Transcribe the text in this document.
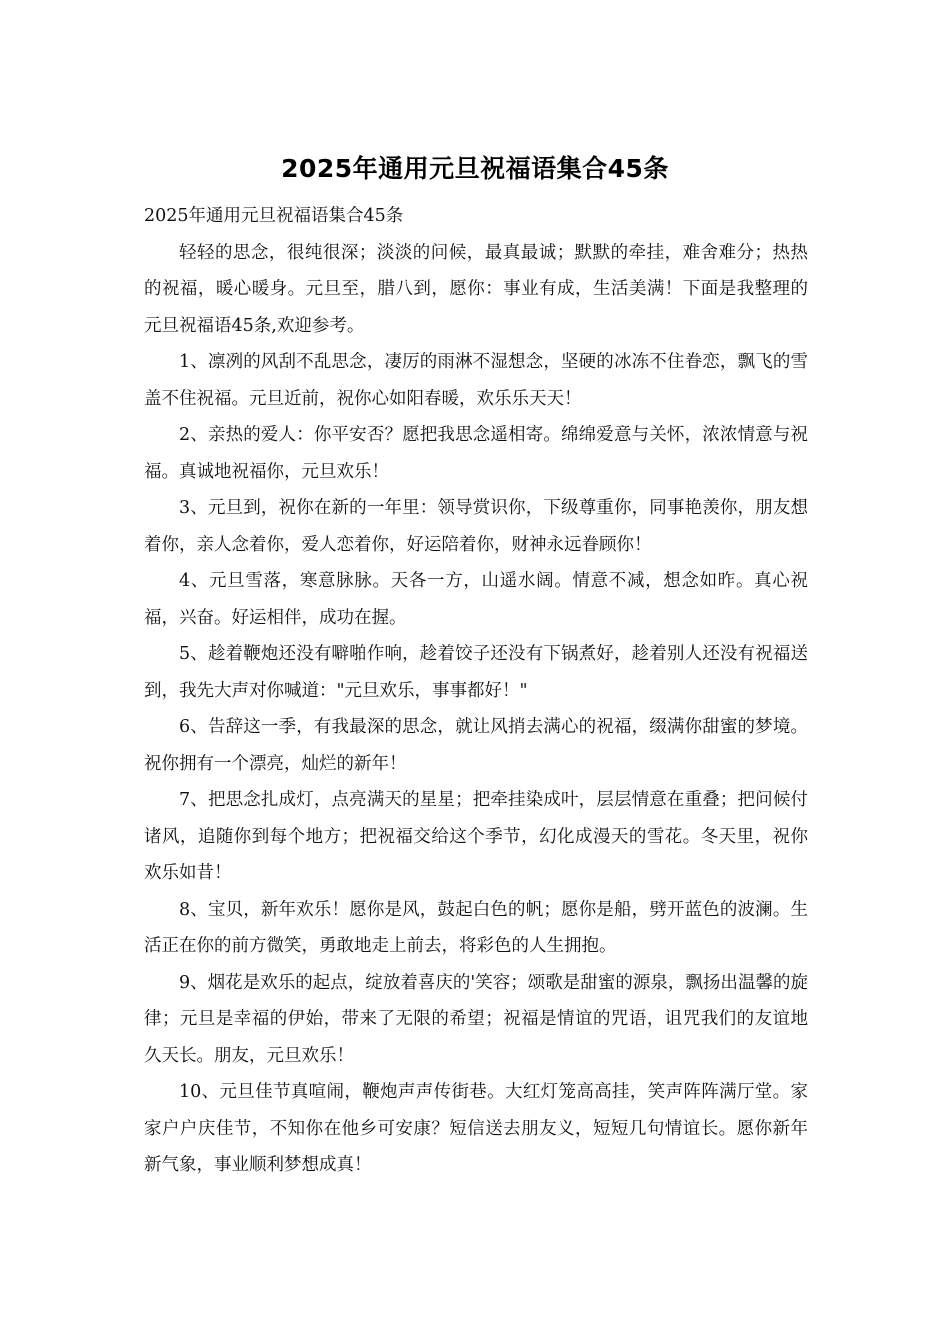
2025年通用元旦祝福语集合45条

2025年通用元旦祝福语集合45条

轻轻的思念，很纯很深；淡淡的问候，最真最诚；默默的牵挂，难舍难分；热热的祝福，暖心暖身。元旦至，腊八到，愿你：事业有成，生活美满！下面是我整理的元旦祝福语45条,欢迎参考。

1、凛冽的风刮不乱思念，凄厉的雨淋不湿想念，坚硬的冰冻不住眷恋，飘飞的雪盖不住祝福。元旦近前，祝你心如阳春暖，欢乐乐天天！

2、亲热的爱人：你平安否？愿把我思念遥相寄。绵绵爱意与关怀，浓浓情意与祝福。真诚地祝福你，元旦欢乐！

3、元旦到，祝你在新的一年里：领导赏识你，下级尊重你，同事艳羡你，朋友想着你，亲人念着你，爱人恋着你，好运陪着你，财神永远眷顾你！

4、元旦雪落，寒意脉脉。天各一方，山遥水阔。情意不减，想念如昨。真心祝福，兴奋。好运相伴，成功在握。

5、趁着鞭炮还没有噼啪作响，趁着饺子还没有下锅煮好，趁着别人还没有祝福送到，我先大声对你喊道："元旦欢乐，事事都好！"

6、告辞这一季，有我最深的思念，就让风捎去满心的祝福，缀满你甜蜜的梦境。祝你拥有一个漂亮，灿烂的新年！

7、把思念扎成灯，点亮满天的星星；把牵挂染成叶，层层情意在重叠；把问候付诸风，追随你到每个地方；把祝福交给这个季节，幻化成漫天的雪花。冬天里，祝你欢乐如昔！

8、宝贝，新年欢乐！愿你是风，鼓起白色的帆；愿你是船，劈开蓝色的波澜。生活正在你的前方微笑，勇敢地走上前去，将彩色的人生拥抱。

9、烟花是欢乐的起点，绽放着喜庆的'笑容；颂歌是甜蜜的源泉，飘扬出温馨的旋律；元旦是幸福的伊始，带来了无限的希望；祝福是情谊的咒语，诅咒我们的友谊地久天长。朋友，元旦欢乐！

10、元旦佳节真喧闹，鞭炮声声传街巷。大红灯笼高高挂，笑声阵阵满厅堂。家家户户庆佳节，不知你在他乡可安康？短信送去朋友义，短短几句情谊长。愿你新年新气象，事业顺利梦想成真！
